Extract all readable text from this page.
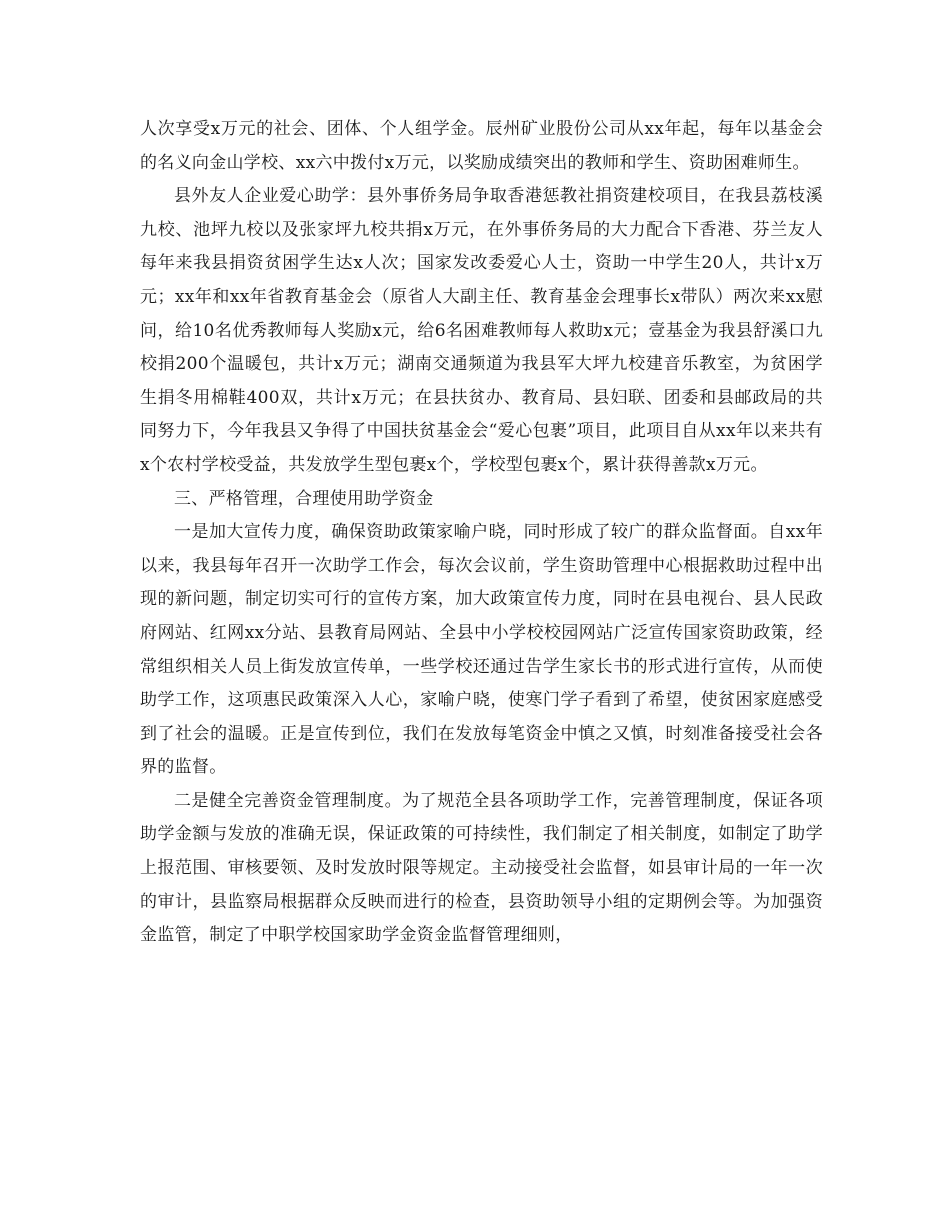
人次享受x万元的社会、团体、个人组学金。辰州矿业股份公司从xx年起，每年以基金会的名义向金山学校、xx六中拨付x万元，以奖励成绩突出的教师和学生、资助困难师生。

县外友人企业爱心助学：县外事侨务局争取香港惩教社捐资建校项目，在我县荔枝溪九校、池坪九校以及张家坪九校共捐x万元，在外事侨务局的大力配合下香港、芬兰友人每年来我县捐资贫困学生达x人次；国家发改委爱心人士，资助一中学生20人，共计x万元；xx年和xx年省教育基金会（原省人大副主任、教育基金会理事长x带队）两次来xx慰问，给10名优秀教师每人奖励x元，给6名困难教师每人救助x元；壹基金为我县舒溪口九校捐200个温暖包，共计x万元；湖南交通频道为我县军大坪九校建音乐教室，为贫困学生捐冬用棉鞋400双，共计x万元；在县扶贫办、教育局、县妇联、团委和县邮政局的共同努力下，今年我县又争得了中国扶贫基金会“爱心包裹”项目，此项目自从xx年以来共有x个农村学校受益，共发放学生型包裹x个，学校型包裹x个，累计获得善款x万元。

三、严格管理，合理使用助学资金

一是加大宣传力度，确保资助政策家喻户晓，同时形成了较广的群众监督面。自xx年以来，我县每年召开一次助学工作会，每次会议前，学生资助管理中心根据救助过程中出现的新问题，制定切实可行的宣传方案，加大政策宣传力度，同时在县电视台、县人民政府网站、红网xx分站、县教育局网站、全县中小学校校园网站广泛宣传国家资助政策，经常组织相关人员上街发放宣传单，一些学校还通过告学生家长书的形式进行宣传，从而使助学工作，这项惠民政策深入人心，家喻户晓，使寒门学子看到了希望，使贫困家庭感受到了社会的温暖。正是宣传到位，我们在发放每笔资金中慎之又慎，时刻准备接受社会各界的监督。

二是健全完善资金管理制度。为了规范全县各项助学工作，完善管理制度，保证各项助学金额与发放的准确无误，保证政策的可持续性，我们制定了相关制度，如制定了助学上报范围、审核要领、及时发放时限等规定。主动接受社会监督，如县审计局的一年一次的审计，县监察局根据群众反映而进行的检查，县资助领导小组的定期例会等。为加强资金监管，制定了中职学校国家助学金资金监督管理细则，
